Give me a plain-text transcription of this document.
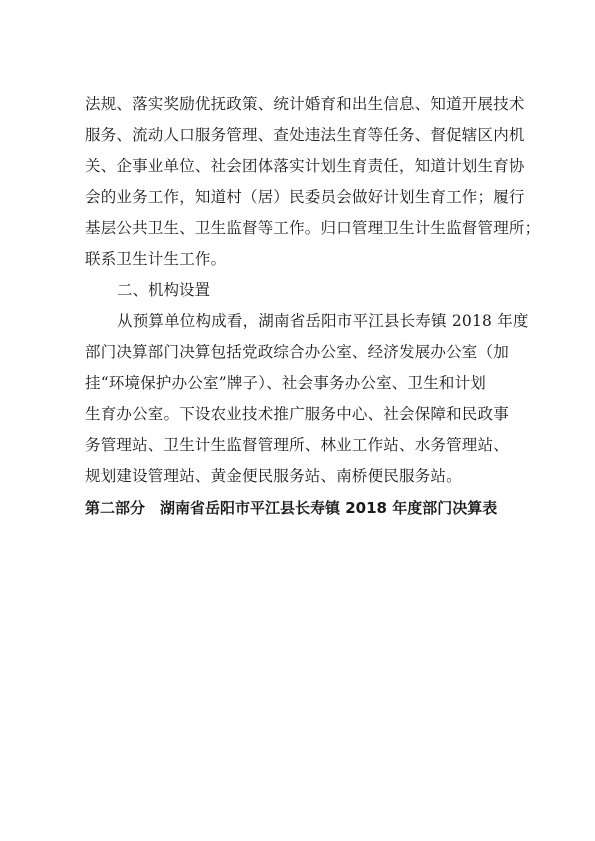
法规、落实奖励优抚政策、统计婚育和出生信息、知道开展技术
服务、流动人口服务管理、查处违法生育等任务、督促辖区内机
关、企事业单位、社会团体落实计划生育责任，知道计划生育协
会的业务工作，知道村（居）民委员会做好计划生育工作；履行
基层公共卫生、卫生监督等工作。归口管理卫生计生监督管理所；
联系卫生计生工作。
二、机构设置
从预算单位构成看，湖南省岳阳市平江县长寿镇 2018 年度
部门决算部门决算包括党政综合办公室、经济发展办公室（加
挂“环境保护办公室”牌子）、社会事务办公室、卫生和计划
生育办公室。下设农业技术推广服务中心、社会保障和民政事
务管理站、卫生计生监督管理所、林业工作站、水务管理站、
规划建设管理站、黄金便民服务站、南桥便民服务站。
第二部分　湖南省岳阳市平江县长寿镇 2018 年度部门决算表
